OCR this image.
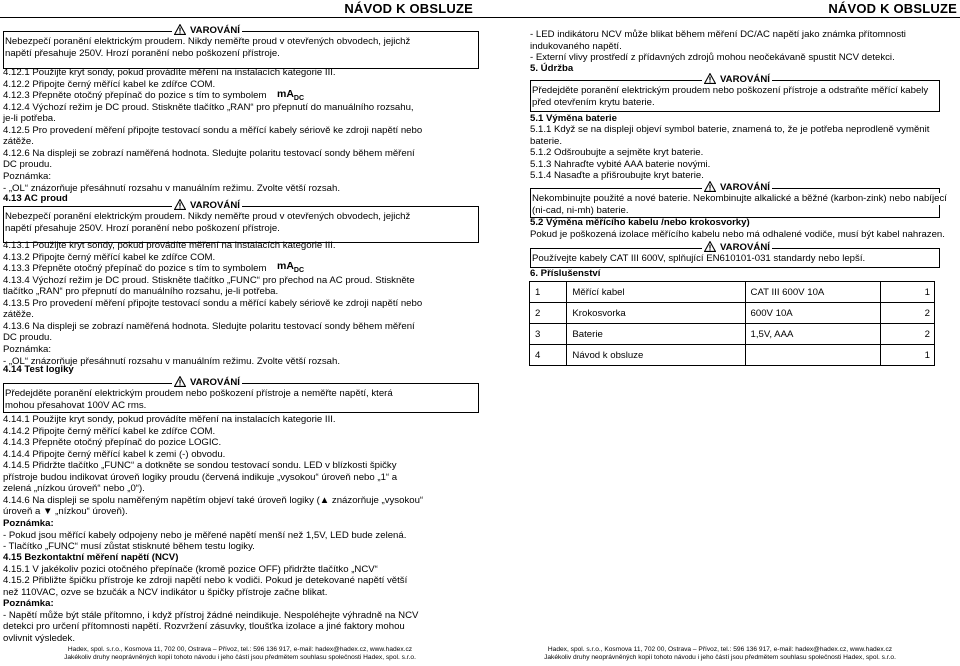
NÁVOD K OBSLUZE
VAROVÁNÍ
Nebezpečí poranění elektrickým proudem. Nikdy neměřte proud v otevřených obvodech, jejichž
napětí přesahuje 250V. Hrozí poranění nebo poškození přístroje.
4.12.1 Použijte kryt sondy, pokud provádíte měření na instalacích kategorie III.
4.12.2 Připojte černý měřící kabel ke zdířce COM.
4.12.3 Přepněte otočný přepínač do pozice s tím to symbolem
4.12.4 Výchozí režim je DC proud. Stiskněte tlačítko „RAN“ pro přepnutí do manuálního rozsahu,
je-li potřeba.
4.12.5 Pro provedení měření připojte testovací sondu a měřící kabely sériově ke zdroji napětí nebo
zátěže.
4.12.6 Na displeji se zobrazí naměřená hodnota. Sledujte polaritu testovací sondy během měření
DC proudu.
Poznámka:
- „OL“ znázorňuje přesáhnutí rozsahu v manuálním režimu. Zvolte větší rozsah.
$mA_{DC}$
4.13 AC proud
VAROVÁNÍ
Nebezpečí poranění elektrickým proudem. Nikdy neměřte proud v otevřených obvodech, jejichž
napětí přesahuje 250V. Hrozí poranění nebo poškození přístroje.
4.13.1 Použijte kryt sondy, pokud provádíte měření na instalacích kategorie III.
4.13.2 Připojte černý měřící kabel ke zdířce COM.
4.13.3 Přepněte otočný přepínač do pozice s tím to symbolem
4.13.4 Výchozí režim je DC proud. Stiskněte tlačítko „FUNC“ pro přechod na AC proud. Stiskněte
tlačítko „RAN“ pro přepnutí do manuálního rozsahu, je-li potřeba.
4.13.5 Pro provedení měření připojte testovací sondu a měřící kabely sériově ke zdroji napětí nebo
zátěže.
4.13.6 Na displeji se zobrazí naměřená hodnota. Sledujte polaritu testovací sondy během měření
DC proudu.
Poznámka:
- „OL“ znázorňuje přesáhnutí rozsahu v manuálním režimu. Zvolte větší rozsah.
$mA_{DC}$
4.14 Test logiky
VAROVÁNÍ
Předejděte poranění elektrickým proudem nebo poškození přístroje a neměřte napětí, která
mohou přesahovat 100V AC rms.
4.14.1 Použijte kryt sondy, pokud provádíte měření na instalacích kategorie III.
4.14.2 Připojte černý měřící kabel ke zdířce COM.
4.14.3 Přepněte otočný přepínač do pozice LOGIC.
4.14.4 Připojte černý měřící kabel k zemi (-) obvodu.
4.14.5 Přidržte tlačítko „FUNC“ a dotkněte se sondou testovací sondu. LED v blízkosti špičky
přístroje budou indikovat úroveň logiky proudu (červená indikuje „vysokou“ úroveň nebo „1“ a
zelená „nízkou úroveň“ nebo „0“).
4.14.6 Na displeji se spolu naměřeným napětím objeví také úroveň logiky (▲ znázorňuje „vysokou“
úroveň a ▼ „nízkou“ úroveň).
Poznámka:
- Pokud jsou měřící kabely odpojeny nebo je měřené napětí menší než 1,5V, LED bude zelená.
- Tlačítko „FUNC“ musí zůstat stisknuté během testu logiky.
4.15 Bezkontaktní měření napětí (NCV)
4.15.1 V jakékoliv pozici otočného přepínače (kromě pozice OFF) přidržte tlačítko „NCV“
4.15.2 Přibližte špičku přístroje ke zdroji napětí nebo k vodiči. Pokud je detekované napětí větší
než 110VAC, ozve se bzučák a NCV indikátor u špičky přístroje začne blikat.
Poznámka:
- Napětí může být stále přítomno, i když přístroj žádné neindikuje. Nespoléhejte výhradně na NCV
detekci pro určení přítomnosti napětí. Rozvržení zásuvky, tloušťka izolace a jiné faktory mohou
ovlivnit výsledek.
NÁVOD K OBSLUZE
- LED indikátoru NCV může blikat během měření DC/AC napětí jako známka přítomnosti
indukovaného napětí.
- Externí vlivy prostředí z přídavných zdrojů mohou neočekávaně spustit NCV detekci.
5. Údržba
VAROVÁNÍ
Předejděte poranění elektrickým proudem nebo poškození přístroje a odstraňte měřící kabely
před otevřením krytu baterie.
5.1 Výměna baterie
5.1.1 Když se na displeji objeví symbol baterie, znamená to, že je potřeba neprodleně vyměnit
baterie.
5.1.2 Odšroubujte a sejměte kryt baterie.
5.1.3 Nahraďte vybité AAA baterie novými.
5.1.4 Nasaďte a přišroubujte kryt baterie.
VAROVÁNÍ
Nekombinujte použité a nové baterie. Nekombinujte alkalické a běžné (karbon-zink) nebo nabíjecí
(ni-cad, ni-mh) baterie.
5.2 Výměna měřícího kabelu /nebo krokosvorky)
Pokud je poškozená izolace měřícího kabelu nebo má odhalené vodiče, musí být kabel nahrazen.
VAROVÁNÍ
Používejte kabely CAT III 600V, splňující EN610101-031 standardy nebo lepší.
6. Příslušenství
1	Měřící kabel	CAT III 600V 10A	1
2	Krokosvorka	600V 10A	2
3	Baterie	1,5V, AAA	2
4	Návod k obsluze		1
Hadex, spol. s.r.o., Kosmova 11, 702 00, Ostrava – Přívoz, tel.: 596 136 917, e-mail: hadex@hadex.cz, www.hadex.cz
Jakékoliv druhy neoprávněných kopií tohoto návodu i jeho částí jsou předmětem souhlasu společnosti Hadex, spol. s.r.o.
Hadex, spol. s.r.o., Kosmova 11, 702 00, Ostrava – Přívoz, tel.: 596 136 917, e-mail: hadex@hadex.cz, www.hadex.cz
Jakékoliv druhy neoprávněných kopií tohoto návodu i jeho částí jsou předmětem souhlasu společnosti Hadex, spol. s.r.o.
